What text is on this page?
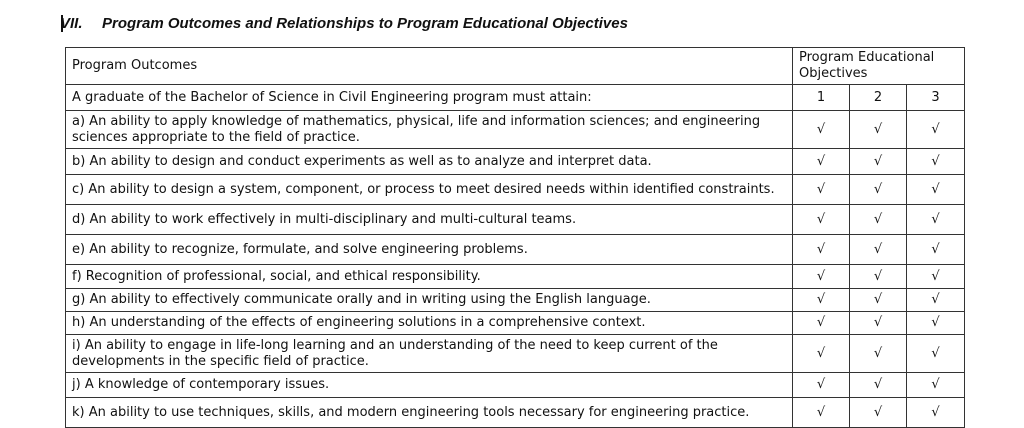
VII. Program Outcomes and Relationships to Program Educational Objectives
Program Outcomes	Program Educational Objectives		
A graduate of the Bachelor of Science in Civil Engineering program must attain:	1	2	3
a) An ability to apply knowledge of mathematics, physical, life and information sciences; and engineering sciences appropriate to the field of practice.	√	√	√
b) An ability to design and conduct experiments as well as to analyze and interpret data.	√	√	√
c) An ability to design a system, component, or process to meet desired needs within identified constraints.	√	√	√
d) An ability to work effectively in multi-disciplinary and multi-cultural teams.	√	√	√
e) An ability to recognize, formulate, and solve engineering problems.	√	√	√
f) Recognition of professional, social, and ethical responsibility.	√	√	√
g) An ability to effectively communicate orally and in writing using the English language.	√	√	√
h) An understanding of the effects of engineering solutions in a comprehensive context.	√	√	√
i) An ability to engage in life-long learning and an understanding of the need to keep current of the developments in the specific field of practice.	√	√	√
j) A knowledge of contemporary issues.	√	√	√
k) An ability to use techniques, skills, and modern engineering tools necessary for engineering practice.	√	√	√
